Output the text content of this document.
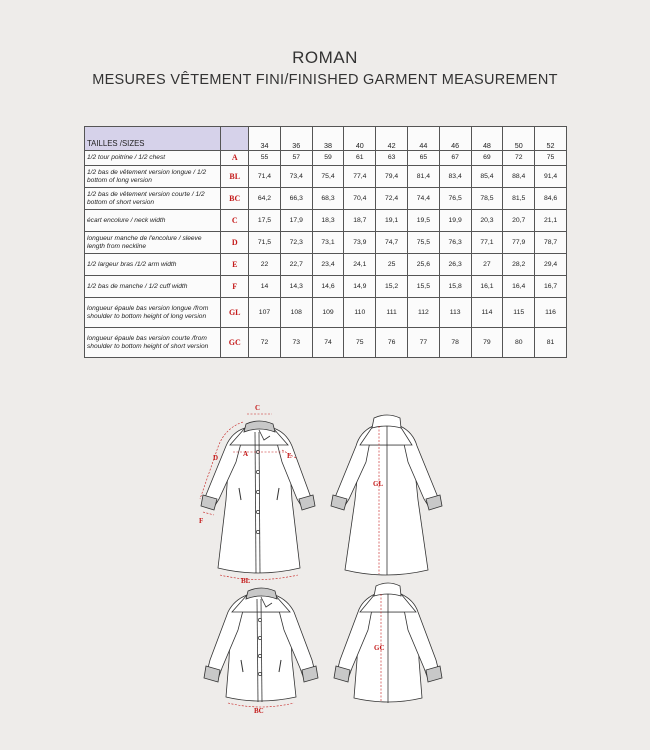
ROMAN
MESURES VÊTEMENT FINI/FINISHED GARMENT MEASUREMENT
TAILLES /SIZES		34	36	38	40	42	44	46	48	50	52
1/2 tour poitrine / 1/2 chest	A	55	57	59	61	63	65	67	69	72	75
1/2 bas de vêtement version longue / 1/2 bottom of long version	BL	71,4	73,4	75,4	77,4	79,4	81,4	83,4	85,4	88,4	91,4
1/2 bas de vêtement version courte / 1/2 bottom of short version	BC	64,2	66,3	68,3	70,4	72,4	74,4	76,5	78,5	81,5	84,6
écart encolure / neck width	C	17,5	17,9	18,3	18,7	19,1	19,5	19,9	20,3	20,7	21,1
longueur manche de l'encolure / sleeve length from neckline	D	71,5	72,3	73,1	73,9	74,7	75,5	76,3	77,1	77,9	78,7
1/2 largeur bras /1/2 arm width	E	22	22,7	23,4	24,1	25	25,6	26,3	27	28,2	29,4
1/2 bas de manche / 1/2 cuff width	F	14	14,3	14,6	14,9	15,2	15,5	15,8	16,1	16,4	16,7
longueur épaule bas version longue /from shoulder to bottom height of long version	GL	107	108	109	110	111	112	113	114	115	116
longueur épaule bas version courte /from shoulder to bottom height of short version	GC	72	73	74	75	76	77	78	79	80	81
C
A
D	E
F
BL
GL
BC
GC
